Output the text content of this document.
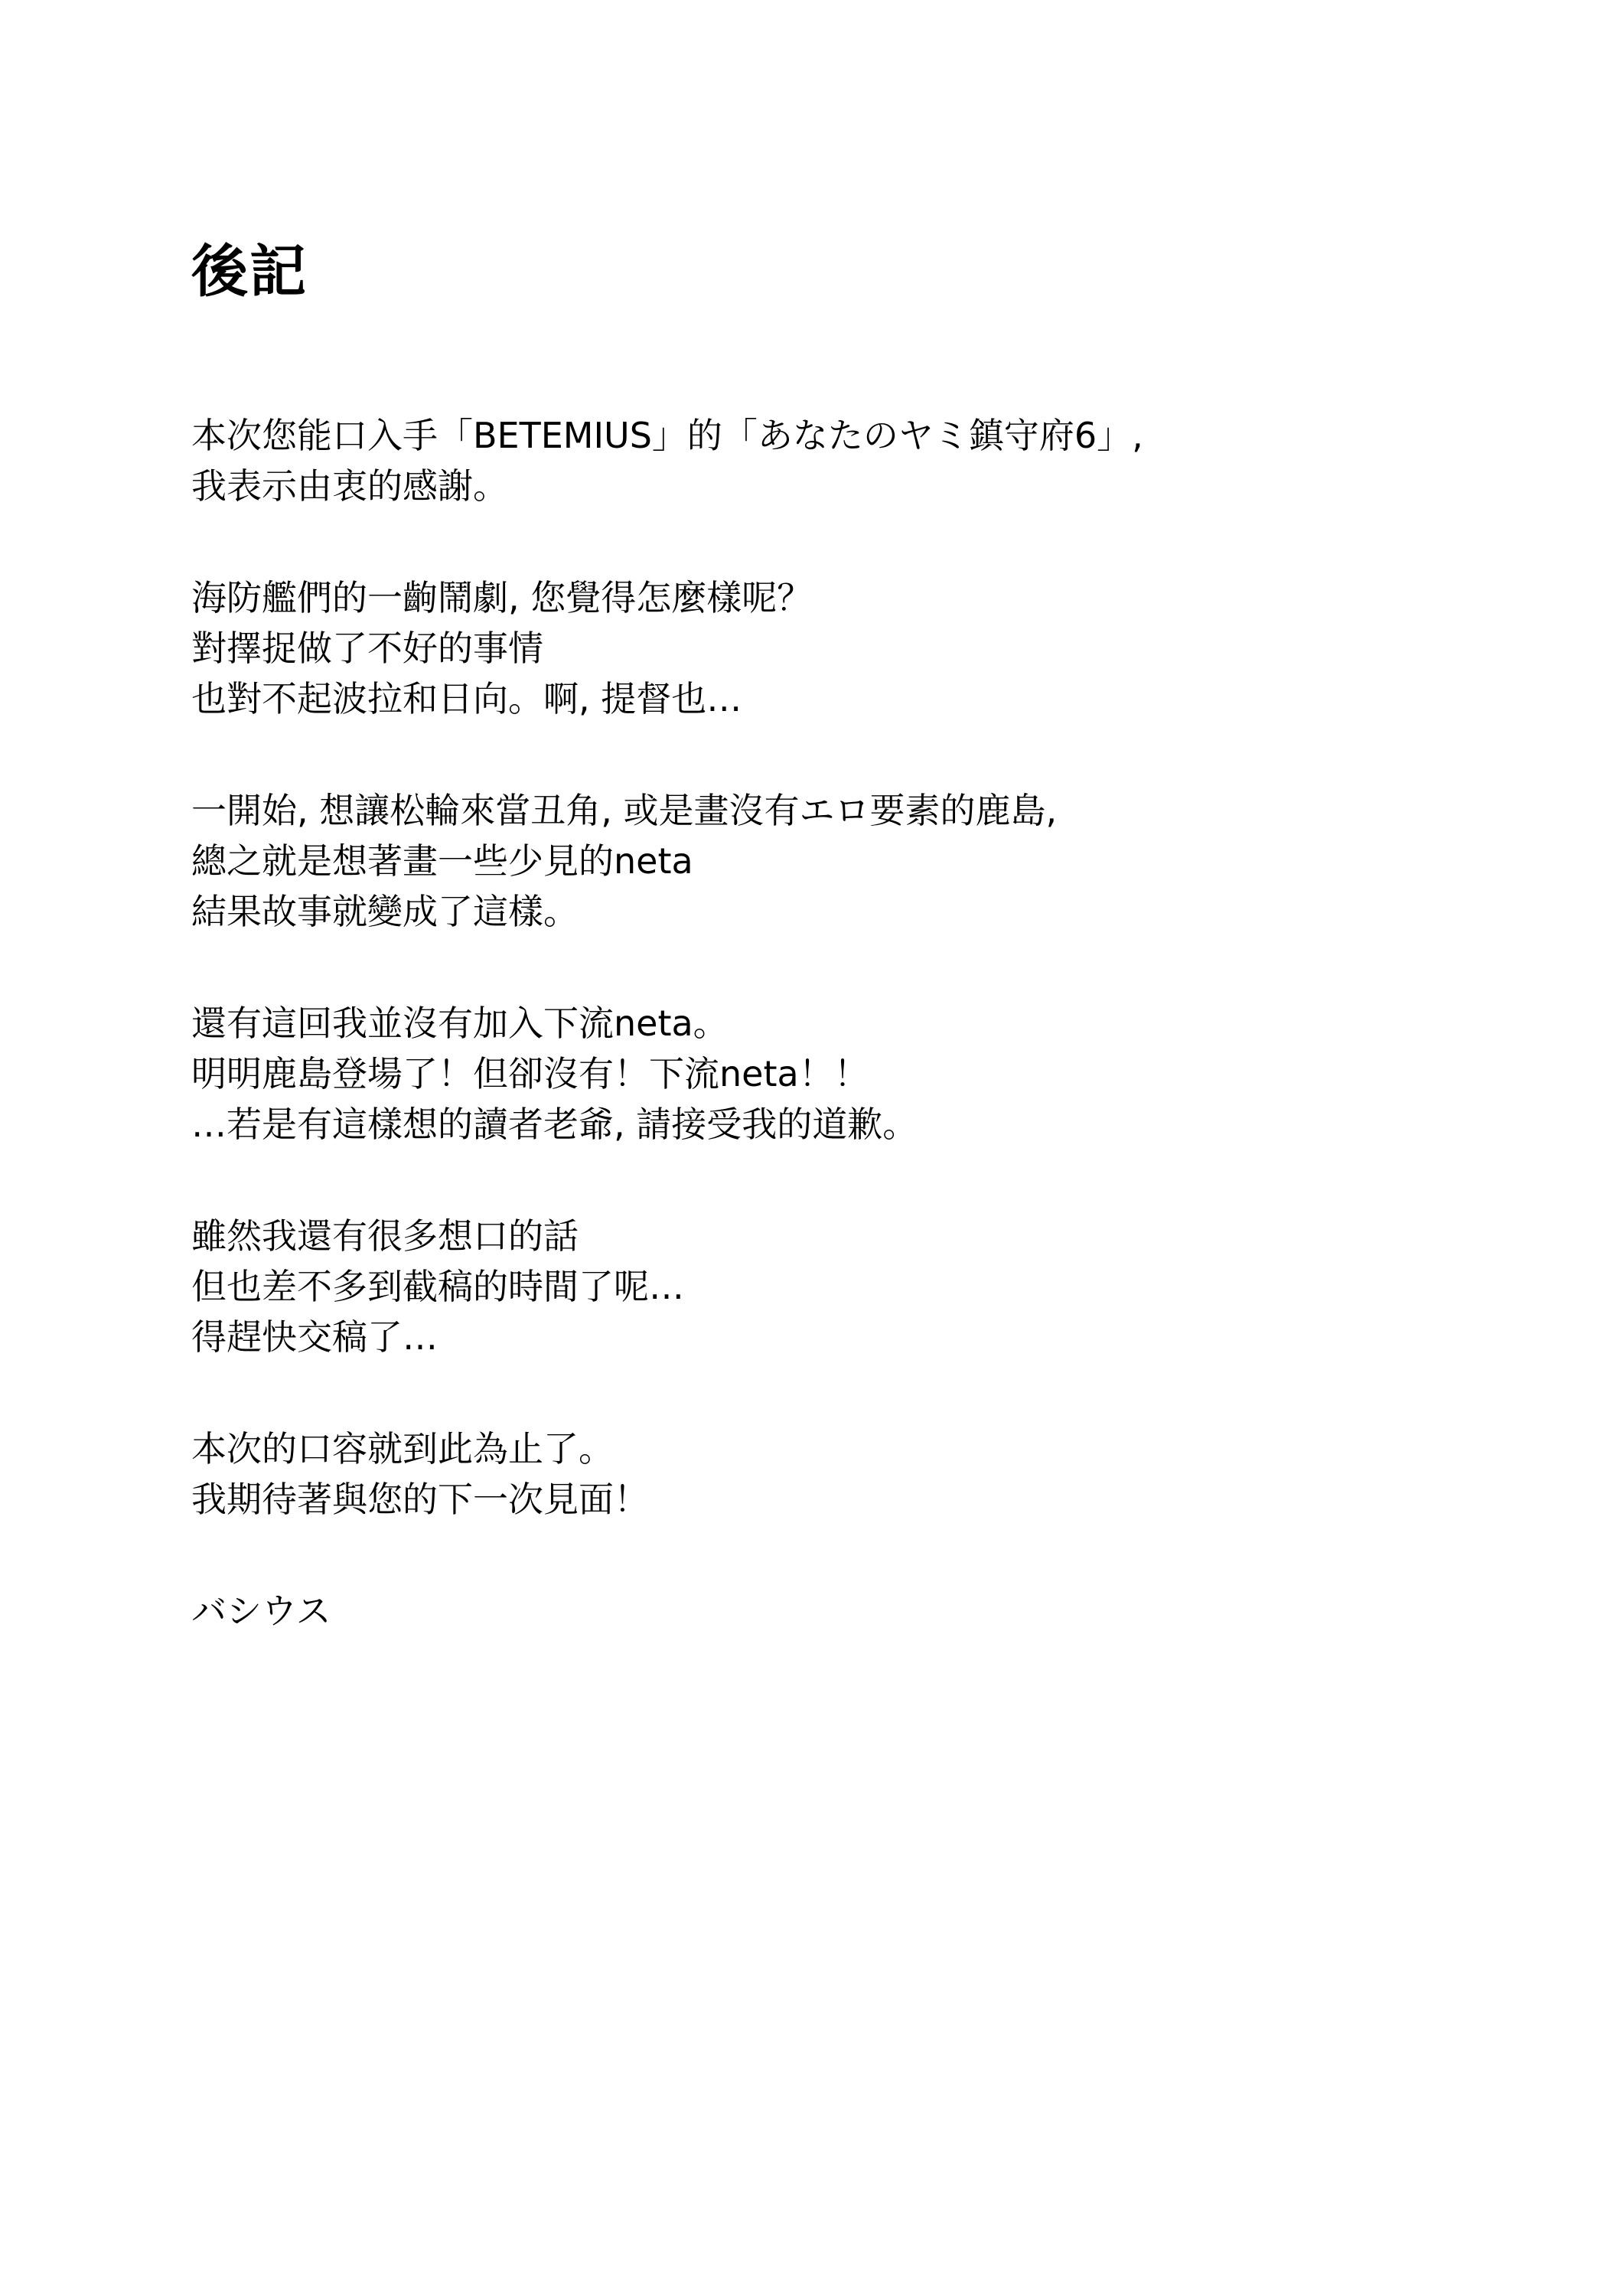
後記

本次您能口入手「BETEMIUS」的「あなたのヤミ鎮守府6」,
我表示由衷的感謝。

海防艦們的一齣鬧劇, 您覺得怎麼樣呢？
對擇捉做了不好的事情
也對不起波拉和日向。啊, 提督也…

一開始, 想讓松輪來當丑角, 或是畫沒有エロ要素的鹿島,
總之就是想著畫一些少見的neta
結果故事就變成了這樣。

還有這回我並沒有加入下流neta。
明明鹿島登場了！但卻沒有！下流neta！！
…若是有這樣想的讀者老爺, 請接受我的道歉。

雖然我還有很多想口的話
但也差不多到截稿的時間了呢…
得趕快交稿了…

本次的口容就到此為止了。
我期待著與您的下一次見面！

バシウス
